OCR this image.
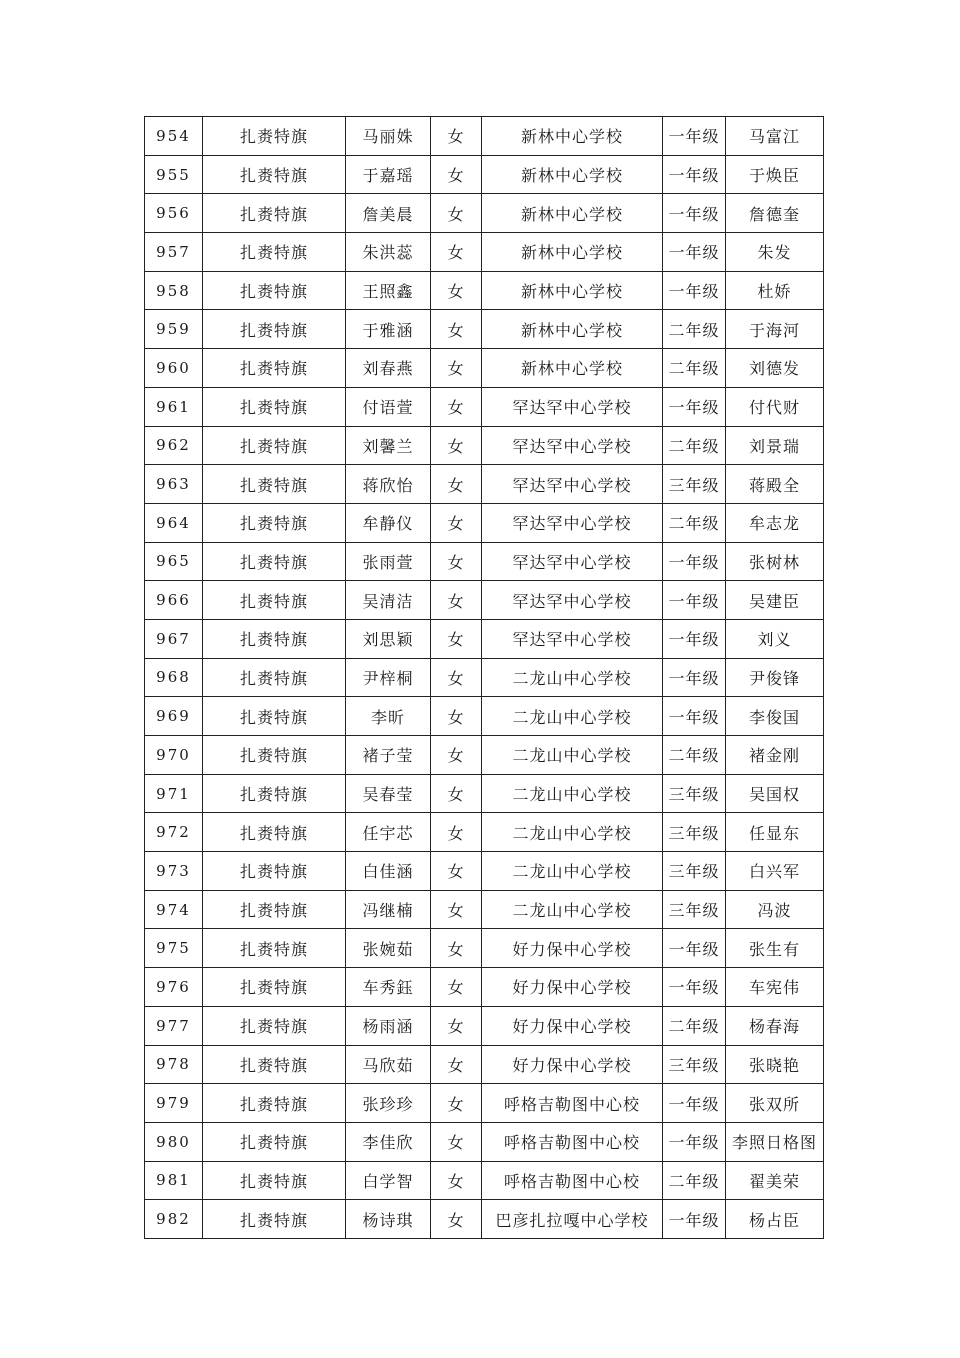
954	扎赉特旗	马丽姝	女	新林中心学校	一年级	马富江
955	扎赉特旗	于嘉瑶	女	新林中心学校	一年级	于焕臣
956	扎赉特旗	詹美晨	女	新林中心学校	一年级	詹德奎
957	扎赉特旗	朱洪蕊	女	新林中心学校	一年级	朱发
958	扎赉特旗	王照鑫	女	新林中心学校	一年级	杜娇
959	扎赉特旗	于雅涵	女	新林中心学校	二年级	于海河
960	扎赉特旗	刘春燕	女	新林中心学校	二年级	刘德发
961	扎赉特旗	付语萱	女	罕达罕中心学校	一年级	付代财
962	扎赉特旗	刘馨兰	女	罕达罕中心学校	二年级	刘景瑞
963	扎赉特旗	蒋欣怡	女	罕达罕中心学校	三年级	蒋殿全
964	扎赉特旗	牟静仪	女	罕达罕中心学校	二年级	牟志龙
965	扎赉特旗	张雨萱	女	罕达罕中心学校	一年级	张树林
966	扎赉特旗	吴清洁	女	罕达罕中心学校	一年级	吴建臣
967	扎赉特旗	刘思颖	女	罕达罕中心学校	一年级	刘义
968	扎赉特旗	尹梓桐	女	二龙山中心学校	一年级	尹俊锋
969	扎赉特旗	李昕	女	二龙山中心学校	一年级	李俊国
970	扎赉特旗	褚子莹	女	二龙山中心学校	二年级	褚金刚
971	扎赉特旗	吴春莹	女	二龙山中心学校	三年级	吴国权
972	扎赉特旗	任宇芯	女	二龙山中心学校	三年级	任显东
973	扎赉特旗	白佳涵	女	二龙山中心学校	三年级	白兴军
974	扎赉特旗	冯继楠	女	二龙山中心学校	三年级	冯波
975	扎赉特旗	张婉茹	女	好力保中心学校	一年级	张生有
976	扎赉特旗	车秀鈺	女	好力保中心学校	一年级	车宪伟
977	扎赉特旗	杨雨涵	女	好力保中心学校	二年级	杨春海
978	扎赉特旗	马欣茹	女	好力保中心学校	三年级	张晓艳
979	扎赉特旗	张珍珍	女	呼格吉勒图中心校	一年级	张双所
980	扎赉特旗	李佳欣	女	呼格吉勒图中心校	一年级	李照日格图
981	扎赉特旗	白学智	女	呼格吉勒图中心校	二年级	翟美荣
982	扎赉特旗	杨诗琪	女	巴彦扎拉嘎中心学校	一年级	杨占臣
